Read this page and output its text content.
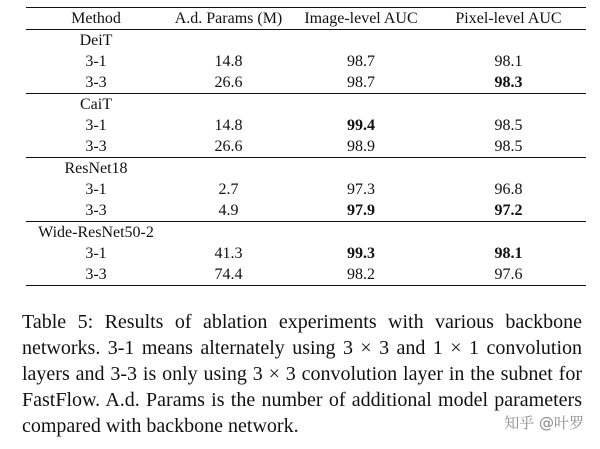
Method	A.d. Params (M)	Image-level AUC	Pixel-level AUC
DeiT			
3-1	14.8	98.7	98.1
3-3	26.6	98.7	98.3
CaiT			
3-1	14.8	99.4	98.5
3-3	26.6	98.9	98.5
ResNet18			
3-1	2.7	97.3	96.8
3-3	4.9	97.9	97.2
Wide-ResNet50-2			
3-1	41.3	99.3	98.1
3-3	74.4	98.2	97.6

Table 5: Results of ablation experiments with various backbone networks. 3-1 means alternately using 3 × 3 and 1 × 1 convolution layers and 3-3 is only using 3 × 3 convolution layer in the subnet for FastFlow. A.d. Params is the number of additional model parameters compared with backbone network.	知乎 @叶罗
